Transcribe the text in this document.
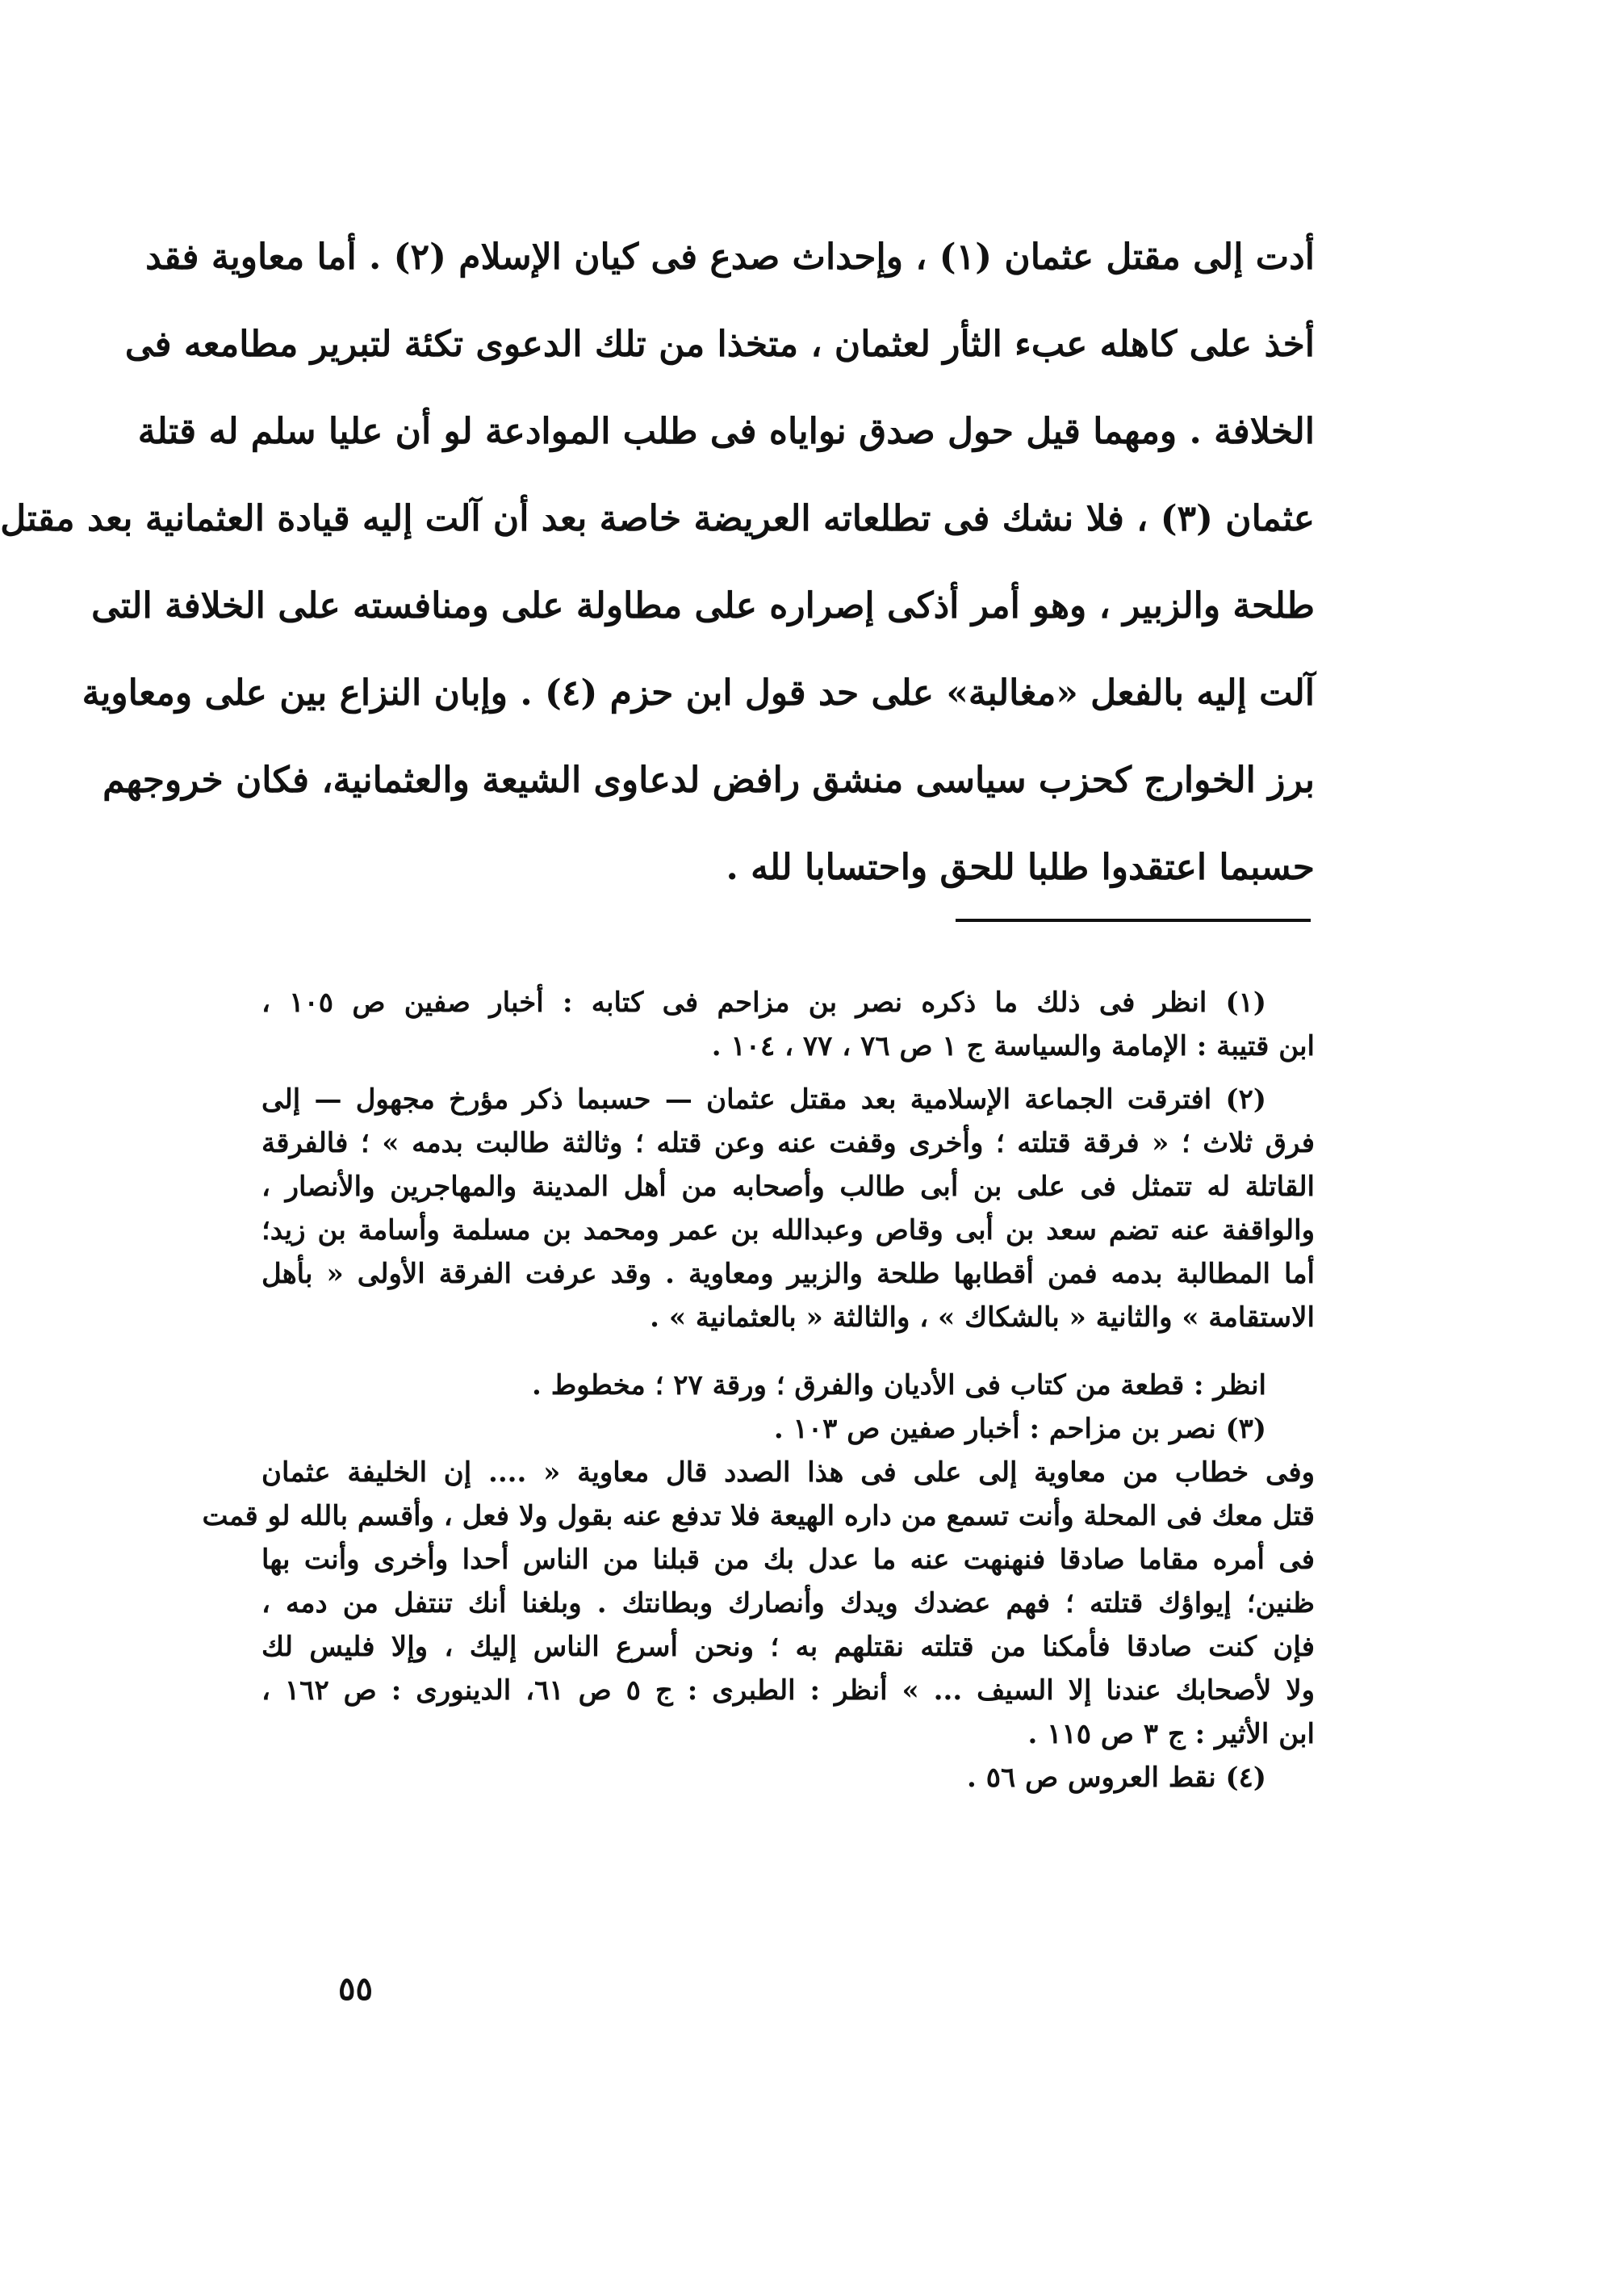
أدت إلى مقتل عثمان (١) ، وإحداث صدع فى كيان الإسلام (٢) . أما معاوية فقد
أخذ على كاهله عبء الثأر لعثمان ، متخذا من تلك الدعوى تكئة لتبرير مطامعه فى
الخلافة . ومهما قيل حول صدق نواياه فى طلب الموادعة لو أن عليا سلم له قتلة
عثمان (٣) ، فلا نشك فى تطلعاته العريضة خاصة بعد أن آلت إليه قيادة العثمانية بعد مقتل
طلحة والزبير ، وهو أمر أذكى إصراره على مطاولة على ومنافسته على الخلافة التى
آلت إليه بالفعل «مغالبة» على حد قول ابن حزم (٤) . وإبان النزاع بين على ومعاوية
برز الخوارج كحزب سياسى منشق رافض لدعاوى الشيعة والعثمانية، فكان خروجهم
حسبما اعتقدوا طلبا للحق واحتسابا لله .
(١) انظر فى ذلك ما ذكره نصر بن مزاحم فى كتابه : أخبار صفين ص ١٠٥ ،
ابن قتيبة : الإمامة والسياسة ج ١ ص ٧٦ ، ٧٧ ، ١٠٤ .
(٢) افترقت الجماعة الإسلامية بعد مقتل عثمان — حسبما ذكر مؤرخ مجهول — إلى
فرق ثلاث ؛ « فرقة قتلته ؛ وأخرى وقفت عنه وعن قتله ؛ وثالثة طالبت بدمه » ؛ فالفرقة
القاتلة له تتمثل فى على بن أبى طالب وأصحابه من أهل المدينة والمهاجرين والأنصار ،
والواقفة عنه تضم سعد بن أبى وقاص وعبدالله بن عمر ومحمد بن مسلمة وأسامة بن زيد؛
أما المطالبة بدمه فمن أقطابها طلحة والزبير ومعاوية . وقد عرفت الفرقة الأولى « بأهل
الاستقامة » والثانية « بالشكاك » ، والثالثة « بالعثمانية » .
انظر : قطعة من كتاب فى الأديان والفرق ؛ ورقة ٢٧ ؛ مخطوط .
(٣) نصر بن مزاحم : أخبار صفين ص ١٠٣ .
وفى خطاب من معاوية إلى على فى هذا الصدد قال معاوية « .... إن الخليفة عثمان
قتل معك فى المحلة وأنت تسمع من داره الهيعة فلا تدفع عنه بقول ولا فعل ، وأقسم بالله لو قمت
فى أمره مقاما صادقا فنهنهت عنه ما عدل بك من قبلنا من الناس أحدا وأخرى وأنت بها
ظنين؛ إيواؤك قتلته ؛ فهم عضدك ويدك وأنصارك وبطانتك . وبلغنا أنك تنتفل من دمه ،
فإن كنت صادقا فأمكنا من قتلته نقتلهم به ؛ ونحن أسرع الناس إليك ، وإلا فليس لك
ولا لأصحابك عندنا إلا السيف ... » أنظر : الطبرى : ج ٥ ص ٦١، الدينورى : ص ١٦٢ ،
ابن الأثير : ج ٣ ص ١١٥ .
(٤) نقط العروس ص ٥٦ .
٥٥
